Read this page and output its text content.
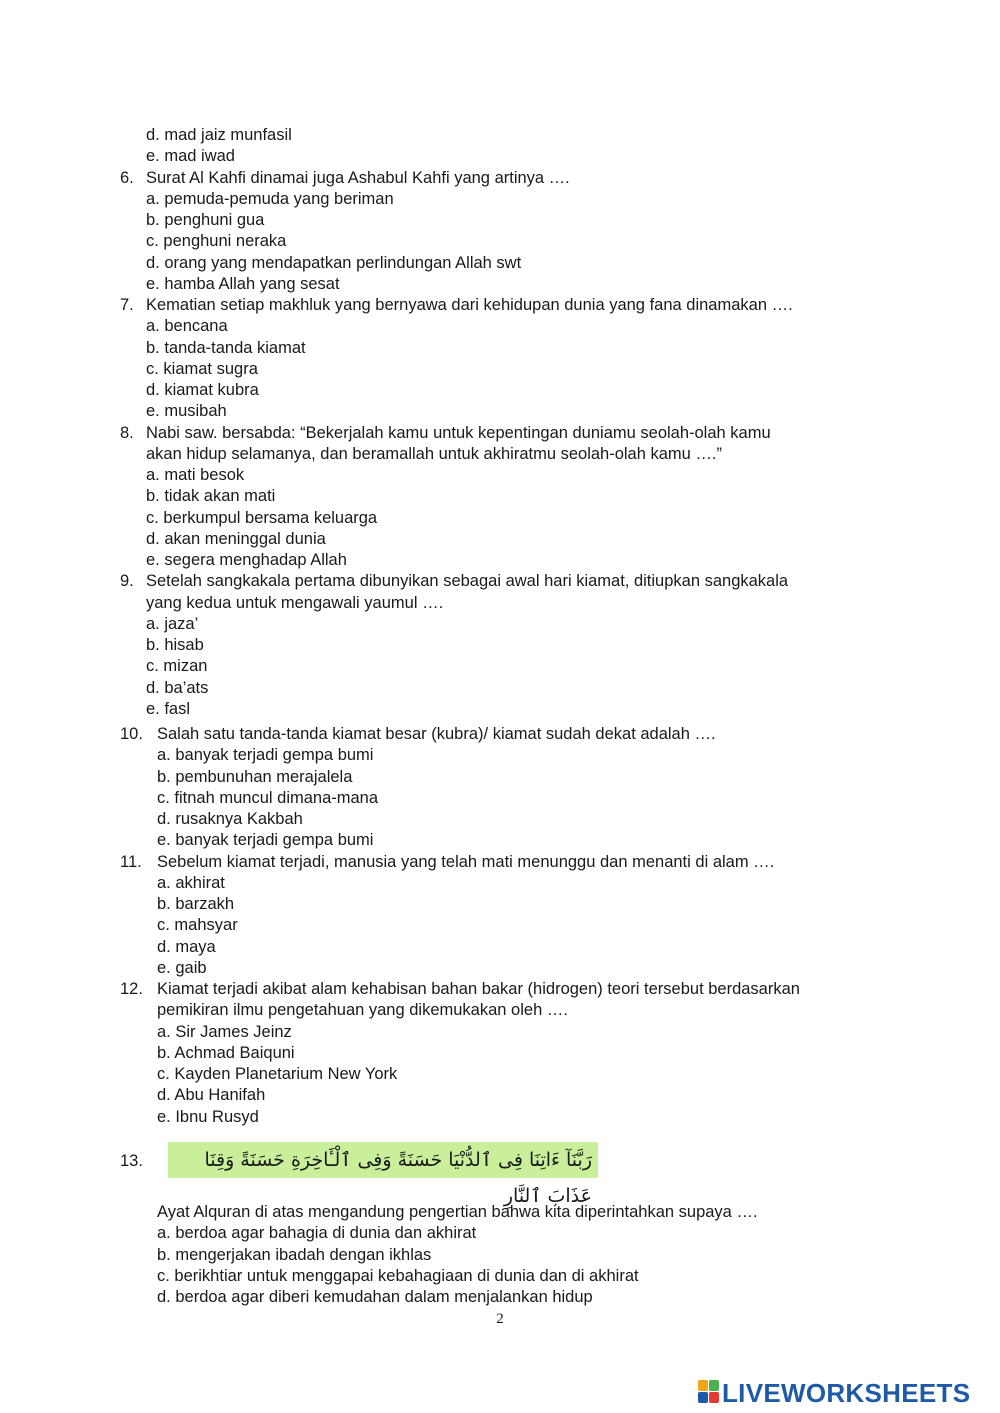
d. mad jaiz munfasil
e. mad iwad
6. Surat Al Kahfi dinamai juga Ashabul Kahfi yang artinya ….
a. pemuda-pemuda yang beriman
b. penghuni gua
c. penghuni neraka
d. orang yang mendapatkan perlindungan Allah swt
e. hamba Allah yang sesat
7. Kematian setiap makhluk yang bernyawa dari kehidupan dunia yang fana dinamakan ….
a. bencana
b. tanda-tanda kiamat
c. kiamat sugra
d. kiamat kubra
e. musibah
8. Nabi saw. bersabda: “Bekerjalah kamu untuk kepentingan duniamu seolah-olah kamu
akan hidup selamanya, dan beramallah untuk akhiratmu seolah-olah kamu ….”
a. mati besok
b. tidak akan mati
c. berkumpul bersama keluarga
d. akan meninggal dunia
e. segera menghadap Allah
9. Setelah sangkakala pertama dibunyikan sebagai awal hari kiamat, ditiupkan sangkakala
yang kedua untuk mengawali yaumul ….
a. jaza’
b. hisab
c. mizan
d. ba’ats
e. fasl
10. Salah satu tanda-tanda kiamat besar (kubra)/ kiamat sudah dekat adalah ….
a. banyak terjadi gempa bumi
b. pembunuhan merajalela
c. fitnah muncul dimana-mana
d. rusaknya Kakbah
e. banyak terjadi gempa bumi
11. Sebelum kiamat terjadi, manusia yang telah mati menunggu dan menanti di alam ….
a. akhirat
b. barzakh
c. mahsyar
d. maya
e. gaib
12. Kiamat terjadi akibat alam kehabisan bahan bakar (hidrogen) teori tersebut berdasarkan
pemikiran ilmu pengetahuan yang dikemukakan oleh ….
a. Sir James Jeinz
b. Achmad Baiquni
c. Kayden Planetarium New York
d. Abu Hanifah
e. Ibnu Rusyd
13.	رَبَّنَآ ءَاتِنَا فِى ٱلدُّنْيَا حَسَنَةً وَفِى ٱلْـَٔاخِرَةِ حَسَنَةً وَقِنَا عَذَابَ ٱلنَّارِ
Ayat Alquran di atas mengandung pengertian bahwa kita diperintahkan supaya ….
a. berdoa agar bahagia di dunia dan akhirat
b. mengerjakan ibadah dengan ikhlas
c. berikhtiar untuk menggapai kebahagiaan di dunia dan di akhirat
d. berdoa agar diberi kemudahan dalam menjalankan hidup
2
LIVEWORKSHEETS
